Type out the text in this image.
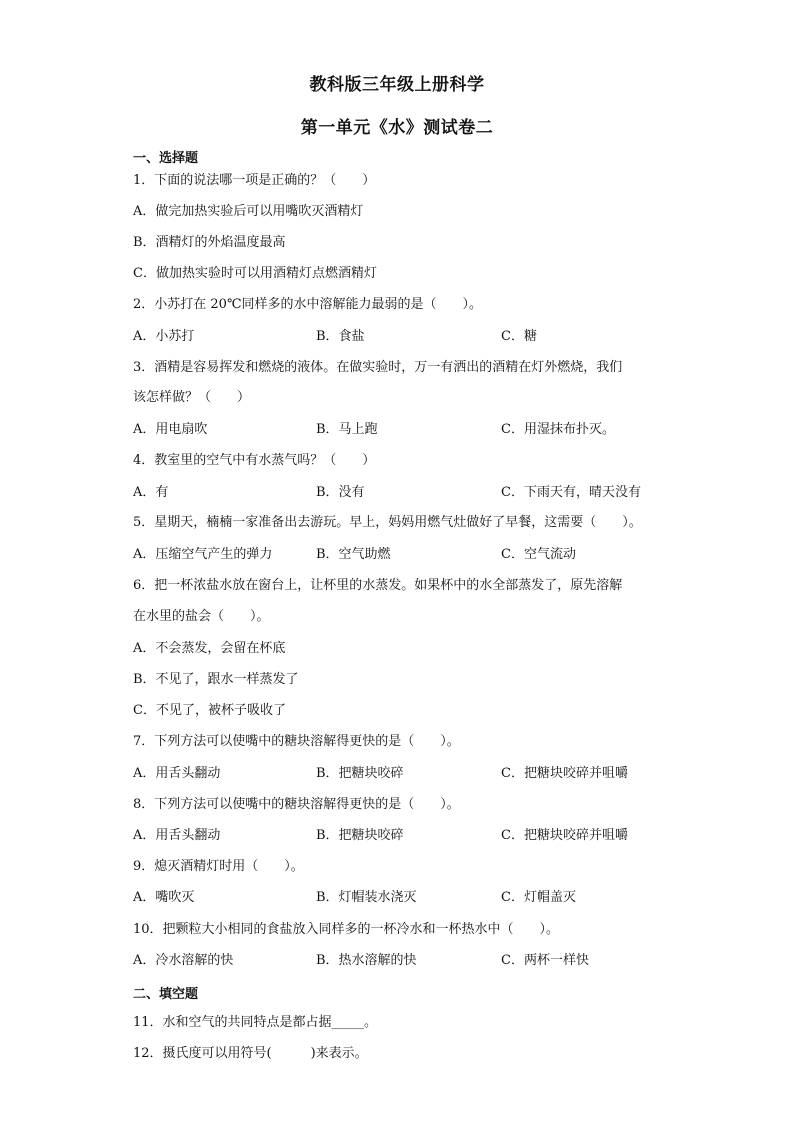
教科版三年级上册科学
第一单元《水》测试卷二
一、选择题
1．下面的说法哪一项是正确的？（　　）
A．做完加热实验后可以用嘴吹灭酒精灯
B．酒精灯的外焰温度最高
C．做加热实验时可以用酒精灯点燃酒精灯
2．小苏打在 20℃同样多的水中溶解能力最弱的是（　　）。
A．小苏打	B．食盐	C．糖
3．酒精是容易挥发和燃烧的液体。在做实验时，万一有洒出的酒精在灯外燃烧，我们
该怎样做？（　　）
A．用电扇吹	B．马上跑	C．用湿抹布扑灭。
4．教室里的空气中有水蒸气吗？（　　）
A．有	B．没有	C．下雨天有，晴天没有
5．星期天，楠楠一家准备出去游玩。早上，妈妈用燃气灶做好了早餐，这需要（　　）。
A．压缩空气产生的弹力	B．空气助燃	C．空气流动
6．把一杯浓盐水放在窗台上，让杯里的水蒸发。如果杯中的水全部蒸发了，原先溶解
在水里的盐会（　　）。
A．不会蒸发，会留在杯底
B．不见了，跟水一样蒸发了
C．不见了，被杯子吸收了
7．下列方法可以使嘴中的糖块溶解得更快的是（　　）。
A．用舌头翻动	B．把糖块咬碎	C．把糖块咬碎并咀嚼
8．下列方法可以使嘴中的糖块溶解得更快的是（　　）。
A．用舌头翻动	B．把糖块咬碎	C．把糖块咬碎并咀嚼
9．熄灭酒精灯时用（　　）。
A．嘴吹灭	B．灯帽装水浇灭	C．灯帽盖灭
10．把颗粒大小相同的食盐放入同样多的一杯冷水和一杯热水中（　　）。
A．冷水溶解的快	B．热水溶解的快	C．两杯一样快
二、填空题
11．水和空气的共同特点是都占据_____。
12．摄氏度可以用符号(　　　)来表示。
